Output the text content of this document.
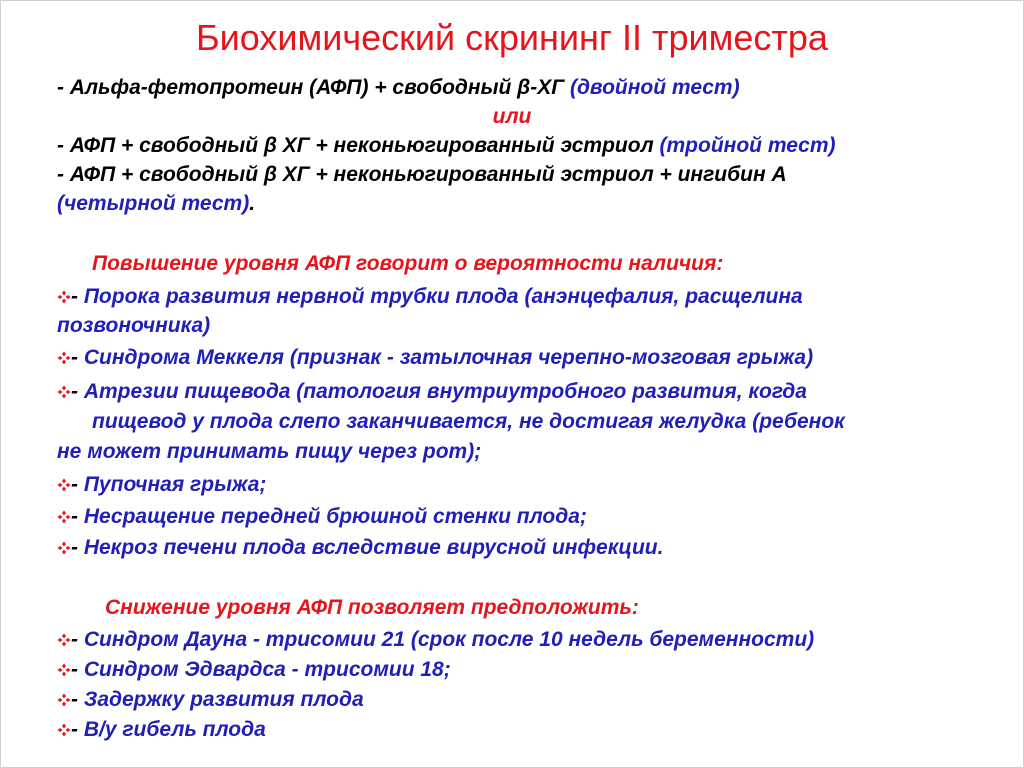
Биохимический скрининг II триместра
- Альфа-фетопротеин (АФП) + свободный β-ХГ (двойной тест)
или
- АФП + свободный β ХГ + неконьюгированный эстриол (тройной тест)
- АФП + свободный β ХГ + неконьюгированный эстриол + ингибин А
(четырной тест).
Повышение уровня АФП говорит о вероятности наличия:
- Порока развития нервной трубки плода (анэнцефалия, расщелина
позвоночника)
- Синдрома Меккеля (признак - затылочная черепно-мозговая грыжа)
- Атрезии пищевода (патология внутриутробного развития, когда
пищевод у плода слепо заканчивается, не достигая желудка (ребенок
не может принимать пищу через рот);
- Пупочная грыжа;
- Несращение передней брюшной стенки плода;
- Некроз печени плода вследствие вирусной инфекции.
Снижение уровня АФП позволяет предположить:
- Синдром Дауна - трисомии 21 (срок после 10 недель беременности)
- Синдром Эдвардса - трисомии 18;
- Задержку развития плода
- В/у гибель плода
